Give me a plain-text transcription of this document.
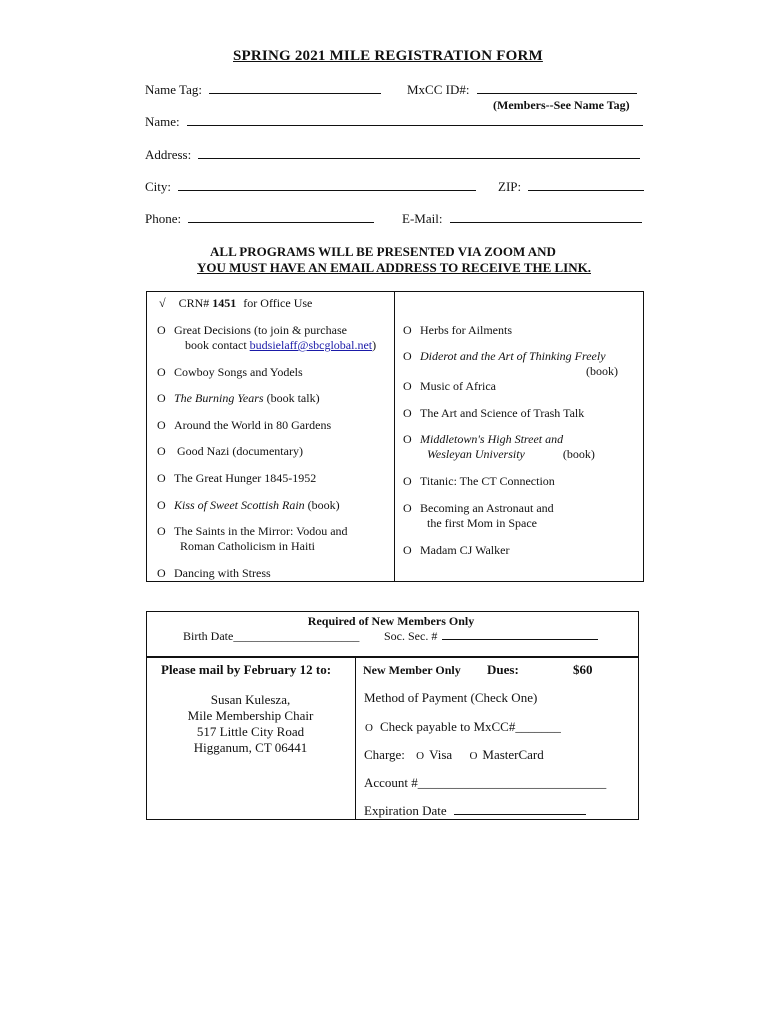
SPRING 2021 MILE REGISTRATION FORM
Name Tag:	MxCC ID#:
(Members--See Name Tag)
Name:
Address:
City:	ZIP:
Phone:	E-Mail:
ALL PROGRAMS WILL BE PRESENTED VIA ZOOM AND
YOU MUST HAVE AN EMAIL ADDRESS TO RECEIVE THE LINK.
√ CRN# 1451 for Office Use
O Great Decisions (to join & purchase
book contact budsielaff@sbcglobal.net)
O Cowboy Songs and Yodels
O The Burning Years (book talk)
O Around the World in 80 Gardens
O Good Nazi (documentary)
O The Great Hunger 1845-1952
O Kiss of Sweet Scottish Rain (book)
O The Saints in the Mirror: Vodou and
Roman Catholicism in Haiti
O Dancing with Stress
O Herbs for Ailments
O Diderot and the Art of Thinking Freely

(book)
O Music of Africa
O The Art and Science of Trash Talk
O Middletown's High Street and
Wesleyan University	(book)
O Titanic: The CT Connection
O Becoming an Astronaut and
the first Mom in Space
O Madam CJ Walker
Required of New Members Only
Birth Date_____________________ Soc. Sec. #
Please mail by February 12 to:
Susan Kulesza,
Mile Membership Chair
517 Little City Road
Higganum, CT 06441
New Member Only Dues:	$60
Method of Payment (Check One)
O Check payable to MxCC#_______
Charge: O Visa O MasterCard
Account #_____________________________
Expiration Date
